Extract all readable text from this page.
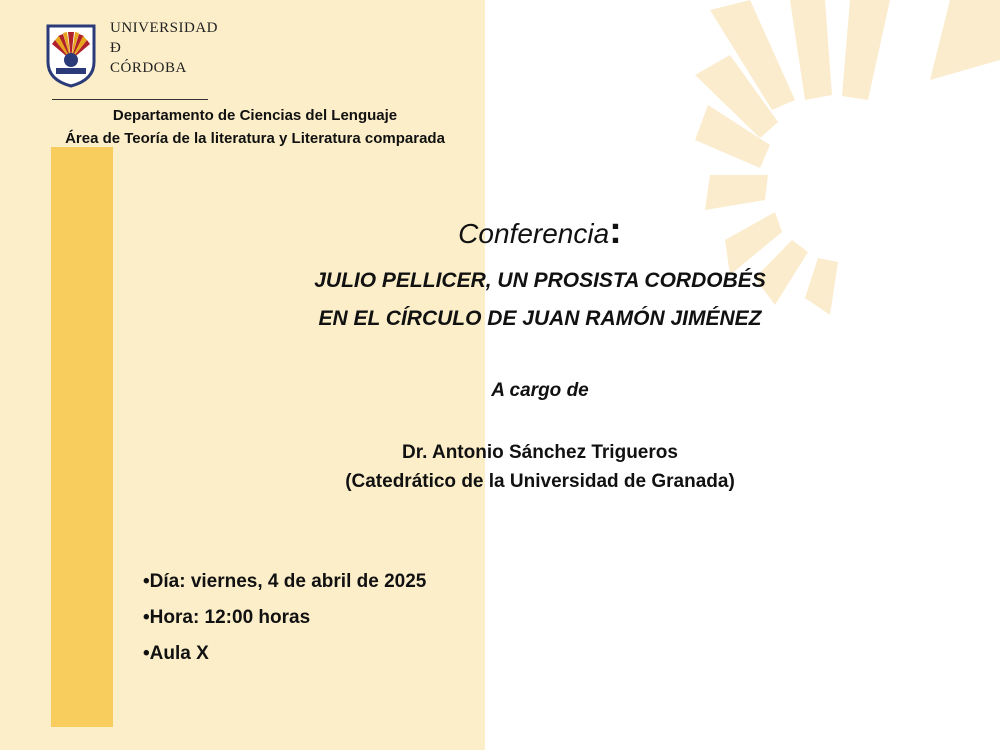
UNIVERSIDAD
Ð
CÓRDOBA
Departamento de Ciencias del Lenguaje
Área de Teoría de la literatura y Literatura comparada
Conferencia:
JULIO PELLICER, UN PROSISTA CORDOBÉS
EN EL CÍRCULO DE JUAN RAMÓN JIMÉNEZ
A cargo de
Dr. Antonio Sánchez Trigueros
(Catedrático de la Universidad de Granada)
•Día: viernes, 4 de abril de 2025
•Hora: 12:00 horas
•Aula X
